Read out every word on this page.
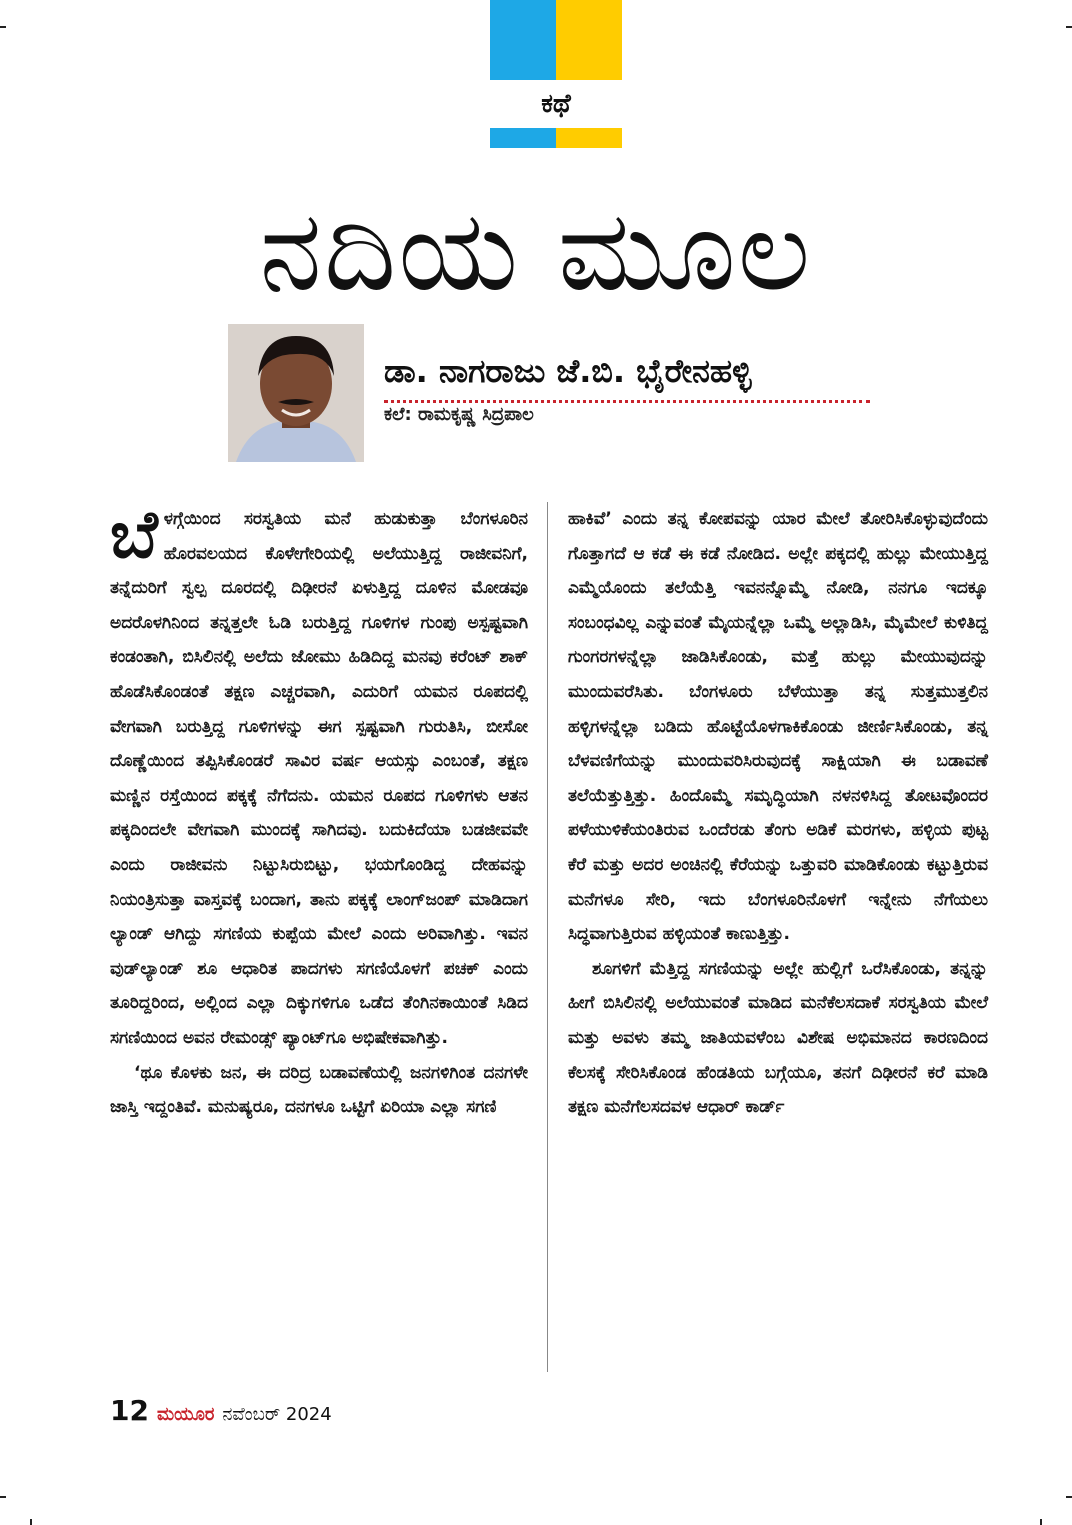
ಕಥೆ
ನದಿಯ ಮೂಲ
ಡಾ. ನಾಗರಾಜು ಜೆ.ಬಿ. ಭೈರೇನಹಳ್ಳಿ
ಕಲೆ: ರಾಮಕೃಷ್ಣ ಸಿದ್ರಪಾಲ

ಬೆಳಗ್ಗೆಯಿಂದ ಸರಸ್ವತಿಯ ಮನೆ ಹುಡುಕುತ್ತಾ ಬೆಂಗಳೂರಿನ ಹೊರವಲಯದ ಕೊಳೇಗೇರಿಯಲ್ಲಿ ಅಲೆಯುತ್ತಿದ್ದ ರಾಜೀವನಿಗೆ, ತನ್ನೆದುರಿಗೆ ಸ್ವಲ್ಪ ದೂರದಲ್ಲಿ ದಿಢೀರನೆ ಏಳುತ್ತಿದ್ದ ದೂಳಿನ ಮೋಡವೂ ಅದರೊಳಗಿನಿಂದ ತನ್ನತ್ತಲೇ ಓಡಿ ಬರುತ್ತಿದ್ದ ಗೂಳಿಗಳ ಗುಂಪು ಅಸ್ಪಷ್ಟವಾಗಿ ಕಂಡಂತಾಗಿ, ಬಿಸಿಲಿನಲ್ಲಿ ಅಲೆದು ಜೋಮು ಹಿಡಿದಿದ್ದ ಮನವು ಕರೆಂಟ್ ಶಾಕ್ ಹೊಡೆಸಿಕೊಂಡಂತೆ ತಕ್ಷಣ ಎಚ್ಚರವಾಗಿ, ಎದುರಿಗೆ ಯಮನ ರೂಪದಲ್ಲಿ ವೇಗವಾಗಿ ಬರುತ್ತಿದ್ದ ಗೂಳಿಗಳನ್ನು ಈಗ ಸ್ಪಷ್ಟವಾಗಿ ಗುರುತಿಸಿ, ಬೀಸೋ ದೊಣ್ಣೆಯಿಂದ ತಪ್ಪಿಸಿಕೊಂಡರೆ ಸಾವಿರ ವರ್ಷ ಆಯಸ್ಸು ಎಂಬಂತೆ, ತಕ್ಷಣ ಮಣ್ಣಿನ ರಸ್ತೆಯಿಂದ ಪಕ್ಕಕ್ಕೆ ನೆಗೆದನು. ಯಮನ ರೂಪದ ಗೂಳಿಗಳು ಆತನ ಪಕ್ಕದಿಂದಲೇ ವೇಗವಾಗಿ ಮುಂದಕ್ಕೆ ಸಾಗಿದವು. ಬದುಕಿದೆಯಾ ಬಡಜೀವವೇ ಎಂದು ರಾಜೀವನು ನಿಟ್ಟುಸಿರುಬಿಟ್ಟು, ಭಯಗೊಂಡಿದ್ದ ದೇಹವನ್ನು ನಿಯಂತ್ರಿಸುತ್ತಾ ವಾಸ್ತವಕ್ಕೆ ಬಂದಾಗ, ತಾನು ಪಕ್ಕಕ್ಕೆ ಲಾಂಗ್‌ಜಂಪ್ ಮಾಡಿದಾಗ ಲ್ಯಾಂಡ್ ಆಗಿದ್ದು ಸಗಣಿಯ ಕುಪ್ಪೆಯ ಮೇಲೆ ಎಂದು ಅರಿವಾಗಿತ್ತು. ಇವನ ವುಡ್‌ಲ್ಯಾಂಡ್ ಶೂ ಆಧಾರಿತ ಪಾದಗಳು ಸಗಣಿಯೊಳಗೆ ಪಚಕ್ ಎಂದು ತೂರಿದ್ದರಿಂದ, ಅಲ್ಲಿಂದ ಎಲ್ಲಾ ದಿಕ್ಕುಗಳಿಗೂ ಒಡೆದ ತೆಂಗಿನಕಾಯಿಂತೆ ಸಿಡಿದ ಸಗಣಿಯಿಂದ ಅವನ ರೇಮಂಡ್ಸ್ ಪ್ಯಾಂಟ್‌ಗೂ ಅಭಿಷೇಕವಾಗಿತ್ತು.

‘ಥೂ ಕೊಳಕು ಜನ, ಈ ದರಿದ್ರ ಬಡಾವಣೆಯಲ್ಲಿ ಜನಗಳಿಗಿಂತ ದನಗಳೇ ಜಾಸ್ತಿ ಇದ್ದಂತಿವೆ. ಮನುಷ್ಯರೂ, ದನಗಳೂ ಒಟ್ಟಿಗೆ ಏರಿಯಾ ಎಲ್ಲಾ ಸಗಣಿ

ಹಾಕಿವೆ’ ಎಂದು ತನ್ನ ಕೋಪವನ್ನು ಯಾರ ಮೇಲೆ ತೋರಿಸಿಕೊಳ್ಳುವುದೆಂದು ಗೊತ್ತಾಗದೆ ಆ ಕಡೆ ಈ ಕಡೆ ನೋಡಿದ. ಅಲ್ಲೇ ಪಕ್ಕದಲ್ಲಿ ಹುಲ್ಲು ಮೇಯುತ್ತಿದ್ದ ಎಮ್ಮೆಯೊಂದು ತಲೆಯೆತ್ತಿ ಇವನನ್ನೊಮ್ಮೆ ನೋಡಿ, ನನಗೂ ಇದಕ್ಕೂ ಸಂಬಂಧವಿಲ್ಲ ಎನ್ನುವಂತೆ ಮೈಯನ್ನೆಲ್ಲಾ ಒಮ್ಮೆ ಅಲ್ಲಾಡಿಸಿ, ಮೈಮೇಲೆ ಕುಳಿತಿದ್ದ ಗುಂಗರಗಳನ್ನೆಲ್ಲಾ ಜಾಡಿಸಿಕೊಂಡು, ಮತ್ತೆ ಹುಲ್ಲು ಮೇಯುವುದನ್ನು ಮುಂದುವರೆಸಿತು. ಬೆಂಗಳೂರು ಬೆಳೆಯುತ್ತಾ ತನ್ನ ಸುತ್ತಮುತ್ತಲಿನ ಹಳ್ಳಿಗಳನ್ನೆಲ್ಲಾ ಬಡಿದು ಹೊಟ್ಟೆಯೊಳಗಾಕಿಕೊಂಡು ಜೀರ್ಣಿಸಿಕೊಂಡು, ತನ್ನ ಬೆಳವಣಿಗೆಯನ್ನು ಮುಂದುವರಿಸಿರುವುದಕ್ಕೆ ಸಾಕ್ಷಿಯಾಗಿ ಈ ಬಡಾವಣೆ ತಲೆಯೆತ್ತುತ್ತಿತ್ತು. ಹಿಂದೊಮ್ಮೆ ಸಮೃದ್ಧಿಯಾಗಿ ನಳನಳಿಸಿದ್ದ ತೋಟವೊಂದರ ಪಳೆಯುಳಿಕೆಯಂತಿರುವ ಒಂದೆರಡು ತೆಂಗು ಅಡಿಕೆ ಮರಗಳು, ಹಳ್ಳಿಯ ಪುಟ್ಟ ಕೆರೆ ಮತ್ತು ಅದರ ಅಂಚಿನಲ್ಲಿ ಕೆರೆಯನ್ನು ಒತ್ತುವರಿ ಮಾಡಿಕೊಂಡು ಕಟ್ಟುತ್ತಿರುವ ಮನೆಗಳೂ ಸೇರಿ, ಇದು ಬೆಂಗಳೂರಿನೊಳಗೆ ಇನ್ನೇನು ನೆಗೆಯಲು ಸಿದ್ಧವಾಗುತ್ತಿರುವ ಹಳ್ಳಿಯಂತೆ ಕಾಣುತ್ತಿತ್ತು.

ಶೂಗಳಿಗೆ ಮೆತ್ತಿದ್ದ ಸಗಣಿಯನ್ನು ಅಲ್ಲೇ ಹುಲ್ಲಿಗೆ ಒರೆಸಿಕೊಂಡು, ತನ್ನನ್ನು ಹೀಗೆ ಬಿಸಿಲಿನಲ್ಲಿ ಅಲೆಯುವಂತೆ ಮಾಡಿದ ಮನೆಕೆಲಸದಾಕೆ ಸರಸ್ವತಿಯ ಮೇಲೆ ಮತ್ತು ಅವಳು ತಮ್ಮ ಜಾತಿಯವಳೆಂಬ ವಿಶೇಷ ಅಭಿಮಾನದ ಕಾರಣದಿಂದ ಕೆಲಸಕ್ಕೆ ಸೇರಿಸಿಕೊಂಡ ಹೆಂಡತಿಯ ಬಗ್ಗೆಯೂ, ತನಗೆ ದಿಢೀರನೆ ಕರೆ ಮಾಡಿ ತಕ್ಷಣ ಮನೆಗೆಲಸದವಳ ಆಧಾರ್ ಕಾರ್ಡ್

12 ಮಯೂರ ನವೆಂಬರ್ 2024
